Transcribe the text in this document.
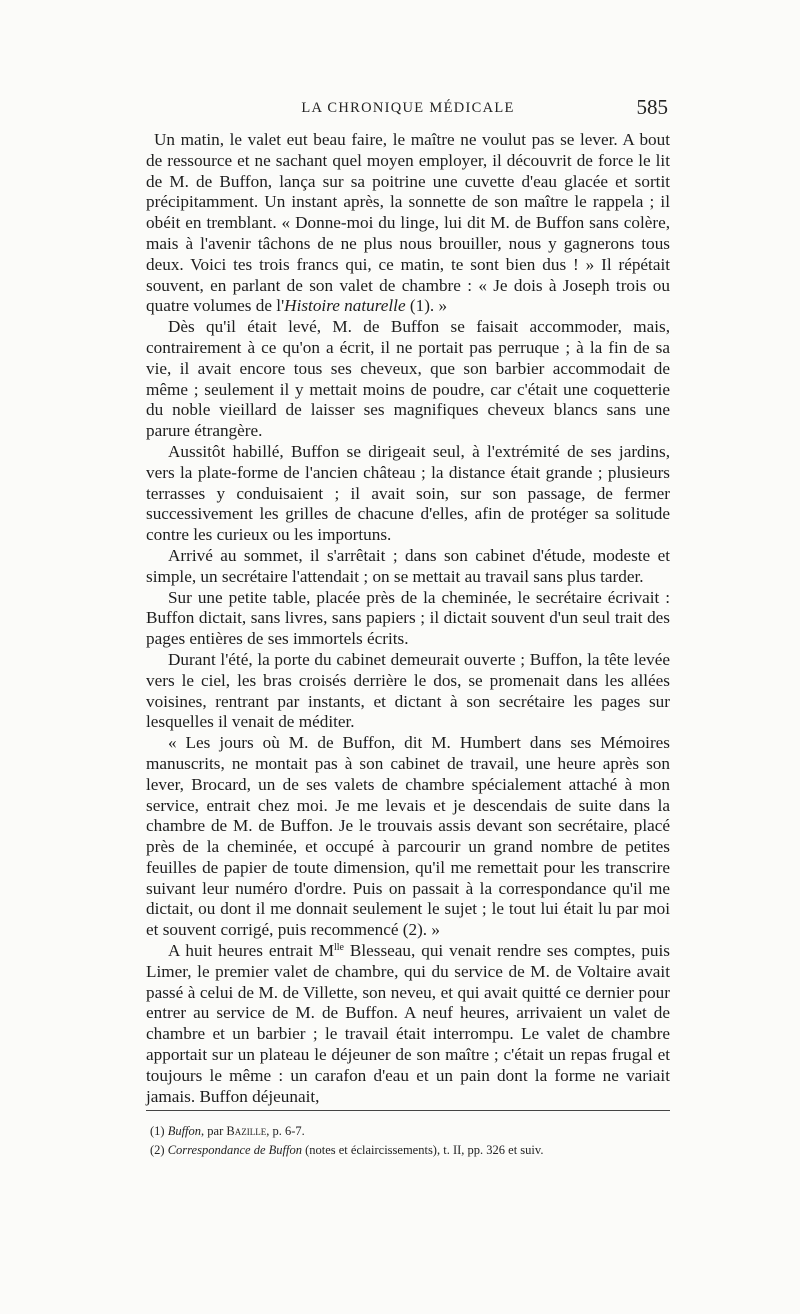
LA CHRONIQUE MÉDICALE	585

Un matin, le valet eut beau faire, le maître ne voulut pas se lever. A bout de ressource et ne sachant quel moyen employer, il découvrit de force le lit de M. de Buffon, lança sur sa poitrine une cuvette d'eau glacée et sortit précipitamment. Un instant après, la sonnette de son maître le rappela ; il obéit en tremblant. « Donne-moi du linge, lui dit M. de Buffon sans colère, mais à l'avenir tâchons de ne plus nous brouiller, nous y gagnerons tous deux. Voici tes trois francs qui, ce matin, te sont bien dus ! » Il répétait souvent, en parlant de son valet de chambre : « Je dois à Joseph trois ou quatre volumes de l'Histoire naturelle (1). »

Dès qu'il était levé, M. de Buffon se faisait accommoder, mais, contrairement à ce qu'on a écrit, il ne portait pas perruque ; à la fin de sa vie, il avait encore tous ses cheveux, que son barbier accommodait de même ; seulement il y mettait moins de poudre, car c'était une coquetterie du noble vieillard de laisser ses magnifiques cheveux blancs sans une parure étrangère.

Aussitôt habillé, Buffon se dirigeait seul, à l'extrémité de ses jardins, vers la plate-forme de l'ancien château ; la distance était grande ; plusieurs terrasses y conduisaient ; il avait soin, sur son passage, de fermer successivement les grilles de chacune d'elles, afin de protéger sa solitude contre les curieux ou les importuns.

Arrivé au sommet, il s'arrêtait ; dans son cabinet d'étude, modeste et simple, un secrétaire l'attendait ; on se mettait au travail sans plus tarder.

Sur une petite table, placée près de la cheminée, le secrétaire écrivait : Buffon dictait, sans livres, sans papiers ; il dictait souvent d'un seul trait des pages entières de ses immortels écrits.

Durant l'été, la porte du cabinet demeurait ouverte ; Buffon, la tête levée vers le ciel, les bras croisés derrière le dos, se promenait dans les allées voisines, rentrant par instants, et dictant à son secrétaire les pages sur lesquelles il venait de méditer.

« Les jours où M. de Buffon, dit M. Humbert dans ses Mémoires manuscrits, ne montait pas à son cabinet de travail, une heure après son lever, Brocard, un de ses valets de chambre spécialement attaché à mon service, entrait chez moi. Je me levais et je descendais de suite dans la chambre de M. de Buffon. Je le trouvais assis devant son secrétaire, placé près de la cheminée, et occupé à parcourir un grand nombre de petites feuilles de papier de toute dimension, qu'il me remettait pour les transcrire suivant leur numéro d'ordre. Puis on passait à la correspondance qu'il me dictait, ou dont il me donnait seulement le sujet ; le tout lui était lu par moi et souvent corrigé, puis recommencé (2). »

A huit heures entrait $M^{lle}$ Blesseau, qui venait rendre ses comptes, puis Limer, le premier valet de chambre, qui du service de M. de Voltaire avait passé à celui de M. de Villette, son neveu, et qui avait quitté ce dernier pour entrer au service de M. de Buffon. A neuf heures, arrivaient un valet de chambre et un barbier ; le travail était interrompu. Le valet de chambre apportait sur un plateau le déjeuner de son maître ; c'était un repas frugal et toujours le même : un carafon d'eau et un pain dont la forme ne variait jamais. Buffon déjeunait,

(1) Buffon, par Bazille, p. 6-7.
(2) Correspondance de Buffon (notes et éclaircissements), t. II, pp. 326 et suiv.
